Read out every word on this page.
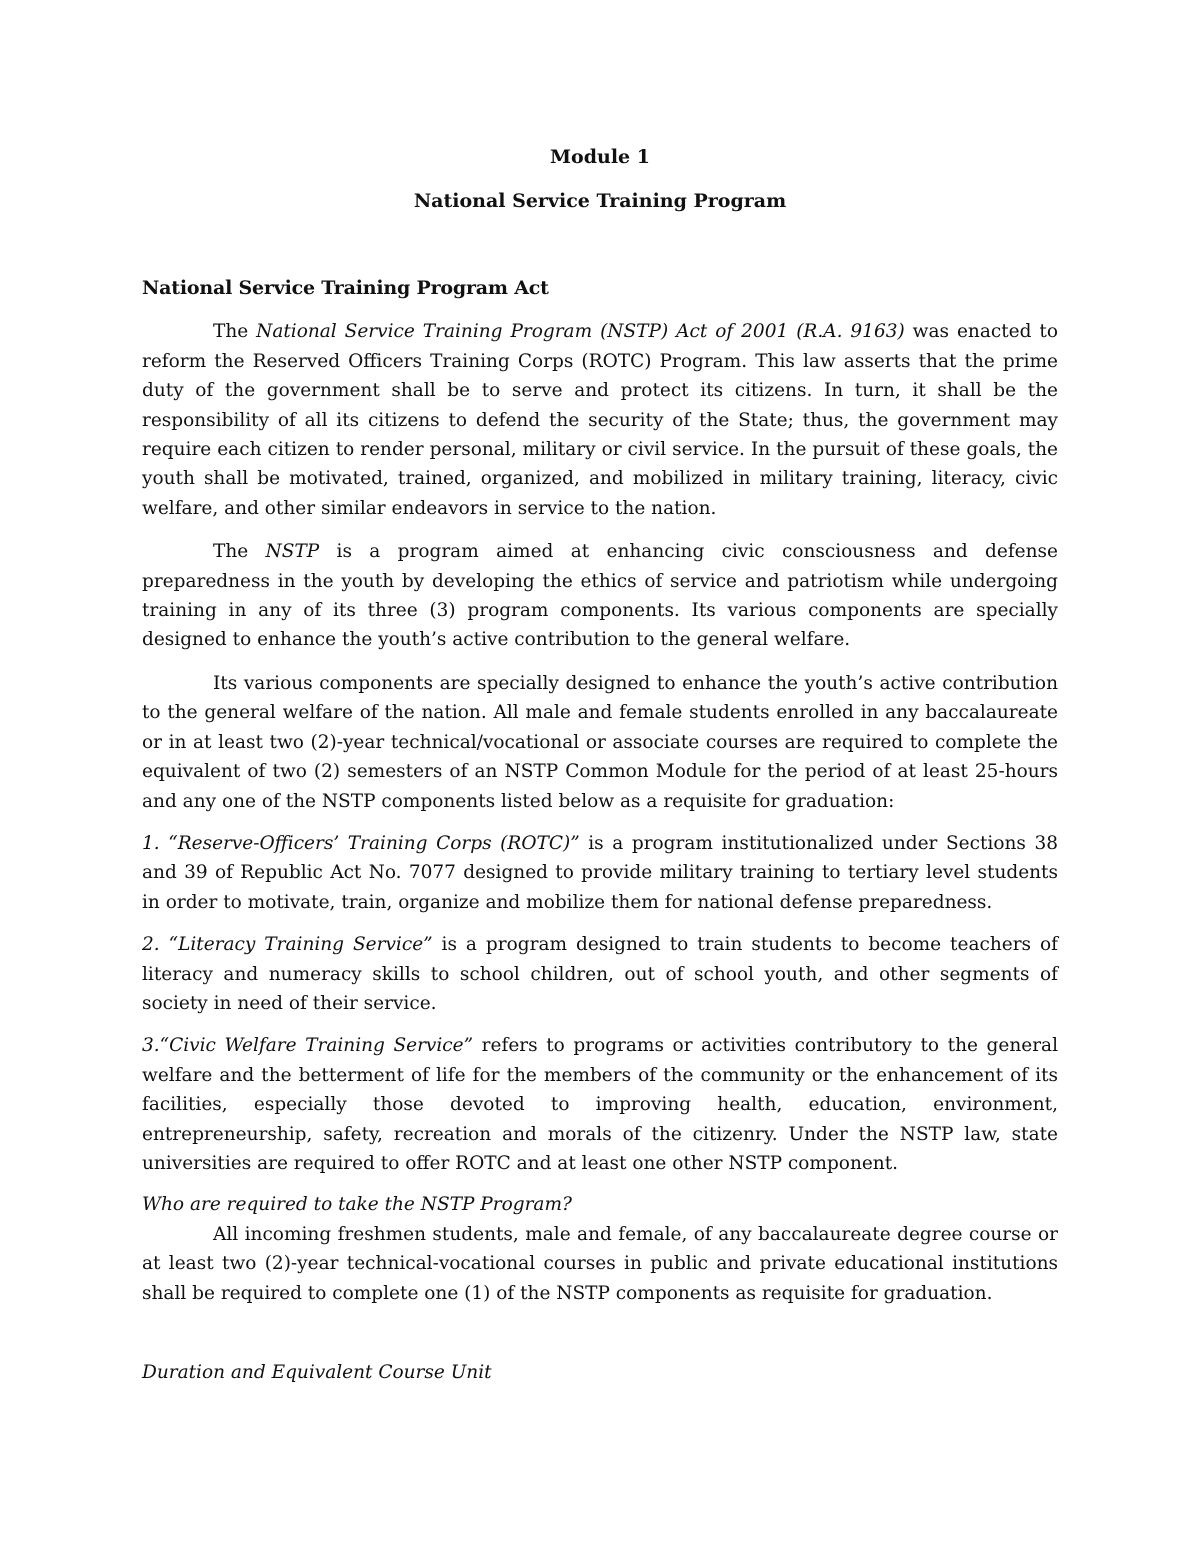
Module 1
National Service Training Program
National Service Training Program Act

The National Service Training Program (NSTP) Act of 2001 (R.A. 9163) was enacted to reform the Reserved Officers Training Corps (ROTC) Program. This law asserts that the prime duty of the government shall be to serve and protect its citizens. In turn, it shall be the responsibility of all its citizens to defend the security of the State; thus, the government may require each citizen to render personal, military or civil service. In the pursuit of these goals, the youth shall be motivated, trained, organized, and mobilized in military training, literacy, civic welfare, and other similar endeavors in service to the nation.

The NSTP is a program aimed at enhancing civic consciousness and defense preparedness in the youth by developing the ethics of service and patriotism while undergoing training in any of its three (3) program components. Its various components are specially designed to enhance the youth’s active contribution to the general welfare.

Its various components are specially designed to enhance the youth’s active contribution to the general welfare of the nation. All male and female students enrolled in any baccalaureate or in at least two (2)-year technical/vocational or associate courses are required to complete the equivalent of two (2) semesters of an NSTP Common Module for the period of at least 25-hours and any one of the NSTP components listed below as a requisite for graduation:

1. “Reserve-Officers’ Training Corps (ROTC)” is a program institutionalized under Sections 38 and 39 of Republic Act No. 7077 designed to provide military training to tertiary level students in order to motivate, train, organize and mobilize them for national defense preparedness.

2. “Literacy Training Service” is a program designed to train students to become teachers of literacy and numeracy skills to school children, out of school youth, and other segments of society in need of their service.

3.“Civic Welfare Training Service” refers to programs or activities contributory to the general welfare and the betterment of life for the members of the community or the enhancement of its facilities, especially those devoted to improving health, education, environment, entrepreneurship, safety, recreation and morals of the citizenry. Under the NSTP law, state universities are required to offer ROTC and at least one other NSTP component.

Who are required to take the NSTP Program?

All incoming freshmen students, male and female, of any baccalaureate degree course or at least two (2)-year technical-vocational courses in public and private educational institutions shall be required to complete one (1) of the NSTP components as requisite for graduation.

Duration and Equivalent Course Unit
